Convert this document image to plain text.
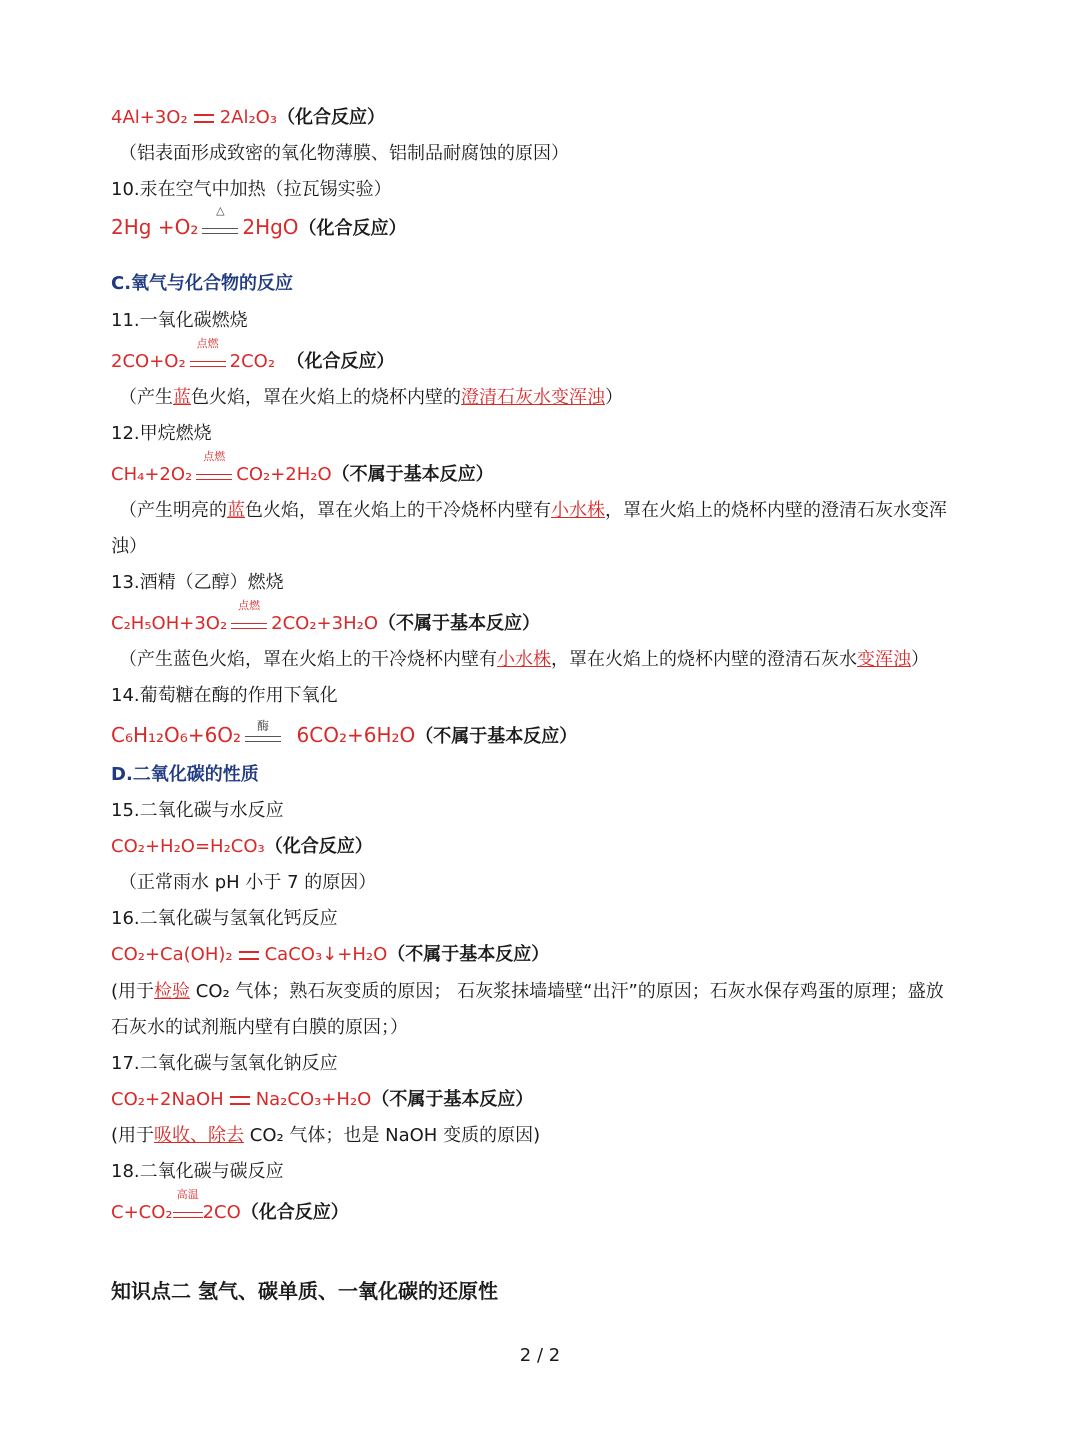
4Al+3O₂ 2Al₂O₃（化合反应）
（铝表面形成致密的氧化物薄膜、铝制品耐腐蚀的原因）
10.汞在空气中加热（拉瓦锡实验）
2Hg +O₂
△
2HgO（化合反应）
C.氧气与化合物的反应
11.一氧化碳燃烧
2CO+O₂
点燃
2CO₂ （化合反应）
（产生蓝色火焰，罩在火焰上的烧杯内壁的澄清石灰水变浑浊）
12.甲烷燃烧
CH₄+2O₂
点燃
CO₂+2H₂O（不属于基本反应）
（产生明亮的蓝色火焰，罩在火焰上的干冷烧杯内壁有小水株，罩在火焰上的烧杯内壁的澄清石灰水变浑
浊）
13.酒精（乙醇）燃烧
C₂H₅OH+3O₂
点燃
2CO₂+3H₂O（不属于基本反应）
（产生蓝色火焰，罩在火焰上的干冷烧杯内壁有小水株，罩在火焰上的烧杯内壁的澄清石灰水变浑浊）
14.葡萄糖在酶的作用下氧化
C₆H₁₂O₆+6O₂	酶	6CO₂+6H₂O（不属于基本反应）
D.二氧化碳的性质
15.二氧化碳与水反应
CO₂+H₂O=H₂CO₃（化合反应）
（正常雨水 pH 小于 7 的原因）
16.二氧化碳与氢氧化钙反应
CO₂+Ca(OH)₂ CaCO₃↓+H₂O（不属于基本反应）
(用于检验 CO₂ 气体；熟石灰变质的原因； 石灰浆抹墙墙壁“出汗”的原因；石灰水保存鸡蛋的原理；盛放
石灰水的试剂瓶内壁有白膜的原因；）
17.二氧化碳与氢氧化钠反应
CO₂+2NaOH Na₂CO₃+H₂O（不属于基本反应）
(用于吸收、除去 CO₂ 气体；也是 NaOH 变质的原因)
18.二氧化碳与碳反应
C+CO₂
高温
2CO（化合反应）
知识点二 氢气、碳单质、一氧化碳的还原性
2 / 2
